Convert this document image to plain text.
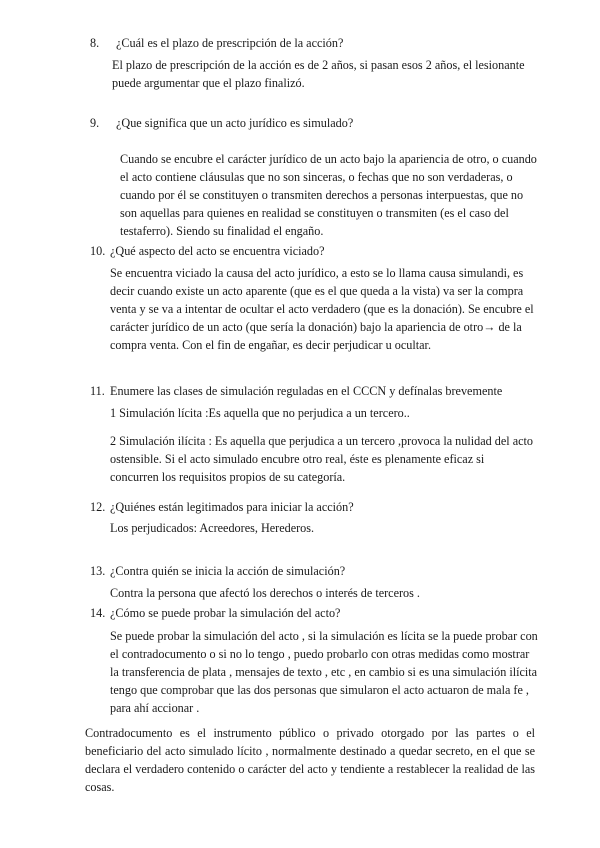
8.	¿Cuál es el plazo de prescripción de la acción?

El plazo de prescripción de la acción es de 2 años, si pasan esos 2 años, el lesionante puede argumentar que el plazo finalizó.

9.	¿Que significa que un acto jurídico es simulado?

Cuando se encubre el carácter jurídico de un acto bajo la apariencia de otro, o cuando el acto contiene cláusulas que no son sinceras, o fechas que no son verdaderas, o cuando por él se constituyen o transmiten derechos a personas interpuestas, que no son aquellas para quienes en realidad se constituyen o transmiten (es el caso del testaferro). Siendo su finalidad el engaño.

10. ¿Qué aspecto del acto se encuentra viciado?

Se encuentra viciado la causa del acto jurídico, a esto se lo llama causa simulandi, es decir cuando existe un acto aparente (que es el que queda a la vista) va ser la compra venta y se va a intentar de ocultar el acto verdadero (que es la donación). Se encubre el carácter jurídico de un acto (que sería la donación) bajo la apariencia de otro→ de la compra venta. Con el fin de engañar, es decir perjudicar u ocultar.

11. Enumere las clases de simulación reguladas en el CCCN y defínalas brevemente

1 Simulación lícita :Es aquella que no perjudica a un tercero..

2 Simulación ilícita : Es aquella que perjudica a un tercero ,provoca la nulidad del acto ostensible. Si el acto simulado encubre otro real, éste es plenamente eficaz si concurren los requisitos propios de su categoría.

12. ¿Quiénes están legitimados para iniciar la acción?

Los perjudicados: Acreedores, Herederos.

13. ¿Contra quién se inicia la acción de simulación?

Contra la persona que afectó los derechos o interés de terceros .

14. ¿Cómo se puede probar la simulación del acto?

Se puede probar la simulación del acto , si la simulación es lícita se la puede probar con el contradocumento o si no lo tengo , puedo probarlo con otras medidas como mostrar la transferencia de plata , mensajes de texto , etc , en cambio si es una simulación ilícita tengo que comprobar que las dos personas que simularon el acto actuaron de mala fe , para ahí accionar .

Contradocumento es el instrumento público o privado otorgado por las partes o el beneficiario del acto simulado lícito , normalmente destinado a quedar secreto, en el que se declara el verdadero contenido o carácter del acto y tendiente a restablecer la realidad de las cosas.
